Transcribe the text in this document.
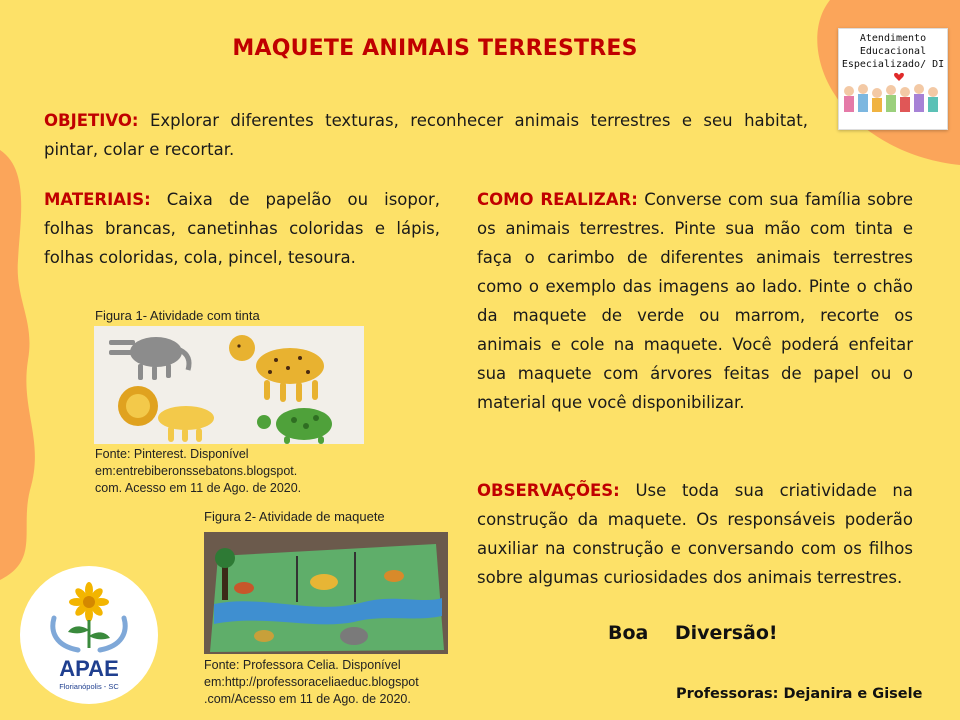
MAQUETE ANIMAIS TERRESTRES	Atendimento
Educacional
Especializado/ DI
OBJETIVO: Explorar diferentes texturas, reconhecer animais terrestres e seu habitat, pintar, colar e recortar.
MATERIAIS: Caixa de papelão ou isopor, folhas brancas, canetinhas coloridas e lápis, folhas coloridas, cola, pincel, tesoura.
Figura 1- Atividade com tinta
Fonte: Pinterest. Disponível
em:entrebiberonssebatons.blogspot.
com. Acesso em 11 de Ago. de 2020.
Figura 2- Atividade de maquete
Fonte: Professora Celia. Disponível
em:http://professoraceliaeduc.blogspot
.com/Acesso em 11 de Ago. de 2020.
COMO REALIZAR: Converse com sua família sobre os animais terrestres. Pinte sua mão com tinta e faça o carimbo de diferentes animais terrestres como o exemplo das imagens ao lado. Pinte o chão da maquete de verde ou marrom, recorte os animais e cole na maquete. Você poderá enfeitar sua maquete com árvores feitas de papel ou o material que você disponibilizar.
OBSERVAÇÕES: Use toda sua criatividade na construção da maquete. Os responsáveis poderão auxiliar na construção e conversando com os filhos sobre algumas curiosidades dos animais terrestres.
Boa    Diversão!
Professoras: Dejanira e Gisele
APAE
Florianópolis - SC
